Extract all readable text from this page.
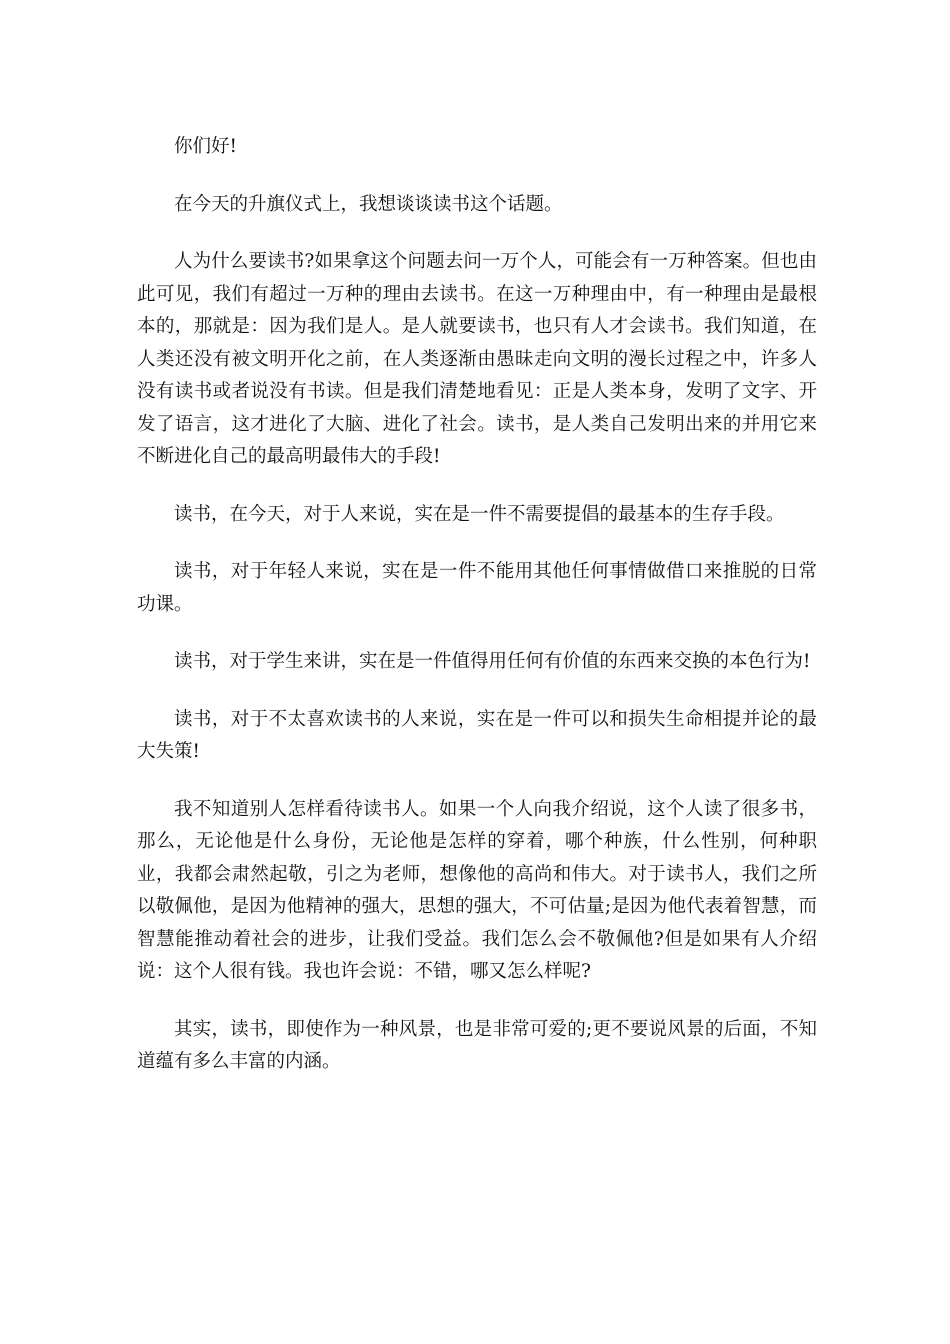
你们好!

在今天的升旗仪式上，我想谈谈读书这个话题。

人为什么要读书?如果拿这个问题去问一万个人，可能会有一万种答案。但也由此可见，我们有超过一万种的理由去读书。在这一万种理由中，有一种理由是最根本的，那就是：因为我们是人。是人就要读书，也只有人才会读书。我们知道，在人类还没有被文明开化之前，在人类逐渐由愚昧走向文明的漫长过程之中，许多人没有读书或者说没有书读。但是我们清楚地看见：正是人类本身，发明了文字、开发了语言，这才进化了大脑、进化了社会。读书，是人类自己发明出来的并用它来不断进化自己的最高明最伟大的手段!

读书，在今天，对于人来说，实在是一件不需要提倡的最基本的生存手段。

读书，对于年轻人来说，实在是一件不能用其他任何事情做借口来推脱的日常功课。

读书，对于学生来讲，实在是一件值得用任何有价值的东西来交换的本色行为!

读书，对于不太喜欢读书的人来说，实在是一件可以和损失生命相提并论的最大失策!

我不知道别人怎样看待读书人。如果一个人向我介绍说，这个人读了很多书，那么，无论他是什么身份，无论他是怎样的穿着，哪个种族，什么性别，何种职业，我都会肃然起敬，引之为老师，想像他的高尚和伟大。对于读书人，我们之所以敬佩他，是因为他精神的强大，思想的强大，不可估量;是因为他代表着智慧，而智慧能推动着社会的进步，让我们受益。我们怎么会不敬佩他?但是如果有人介绍说：这个人很有钱。我也许会说：不错，哪又怎么样呢?

其实，读书，即使作为一种风景，也是非常可爱的;更不要说风景的后面，不知道蕴有多么丰富的内涵。
